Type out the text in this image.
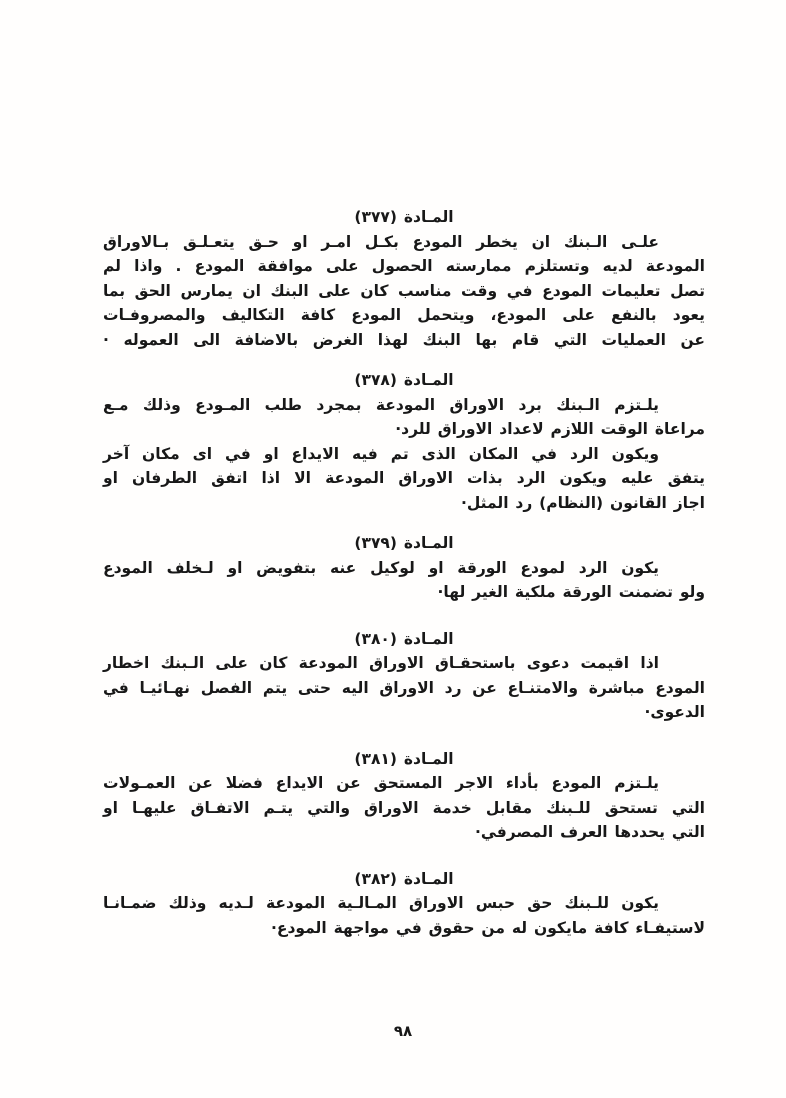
المـادة (٣٧٧)
علـى الـبنك ان يخطر المودع بكـل امـر او حـق يتعـلـق بـالاوراق
المودعة لديه وتستلزم ممارسته الحصول على موافقة المودع . واذا لم
تصل تعليمات المودع في وقت مناسب كان على البنك ان يمارس الحق بما
يعود بالنفع على المودع، ويتحمل المودع كافة التكاليف والمصروفـات
عن العمليات التي قام بها البنك لهذا الغرض بالاضافة الى العموله ·
المـادة (٣٧٨)
يلـتزم الـبنك برد الاوراق المودعة بمجرد طلب المـودع وذلك مـع
مراعاة الوقت اللازم لاعداد الاوراق للرد·
ويكون الرد في المكان الذى تم فيه الايداع او في اى مكان آخر
يتفق عليه ويكون الرد بذات الاوراق المودعة الا اذا اتفق الطرفان او
اجاز القانون (النظام) رد المثل·
المـادة (٣٧٩)
يكون الرد لمودع الورقة او لوكيل عنه بتفويض او لـخلف المودع
ولو تضمنت الورقة ملكية الغير لها·
المـادة (٣٨٠)
اذا اقيمت دعوى باستحقـاق الاوراق المودعة كان على الـبنك اخطار
المودع مباشرة والامتنـاع عن رد الاوراق اليه حتى يتم الفصل نهـائيـا في
الدعوى·
المـادة (٣٨١)
يلـتزم المودع بأداء الاجر المستحق عن الايداع فضلا عن العمـولات
التي تستحق للـبنك مقابل خدمة الاوراق والتي يتـم الاتفـاق عليهـا او
التي يحددها العرف المصرفي·
المـادة (٣٨٢)
يكون للـبنك حق حبس الاوراق المـالـية المودعة لـديه وذلك ضمـانـا
لاستيفـاء كافة مايكون له من حقوق في مواجهة المودع·
٩٨
